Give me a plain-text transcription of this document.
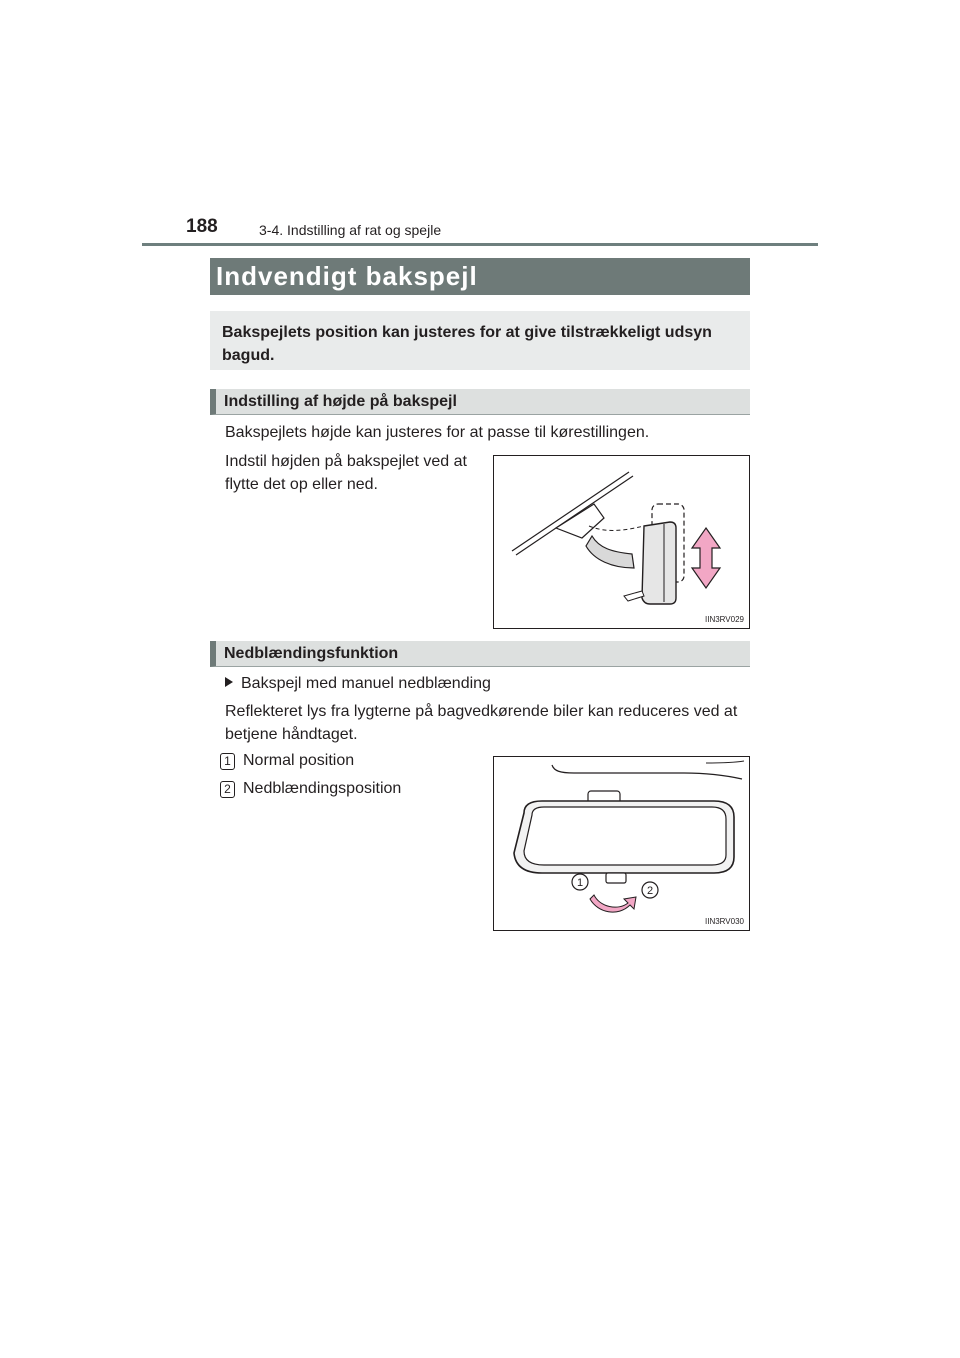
188	3-4. Indstilling af rat og spejle
Indvendigt bakspejl
Bakspejlets position kan justeres for at give tilstrækkeligt udsyn bagud.
Indstilling af højde på bakspejl
Bakspejlets højde kan justeres for at passe til kørestillingen.
Indstil højden på bakspejlet ved at flytte det op eller ned.
IIN3RV029
Nedblændingsfunktion
Bakspejl med manuel nedblænding
Reflekteret lys fra lygterne på bagvedkørende biler kan reduceres ved at betjene håndtaget.
1 Normal position
2 Nedblændingsposition
1
2
IIN3RV030
